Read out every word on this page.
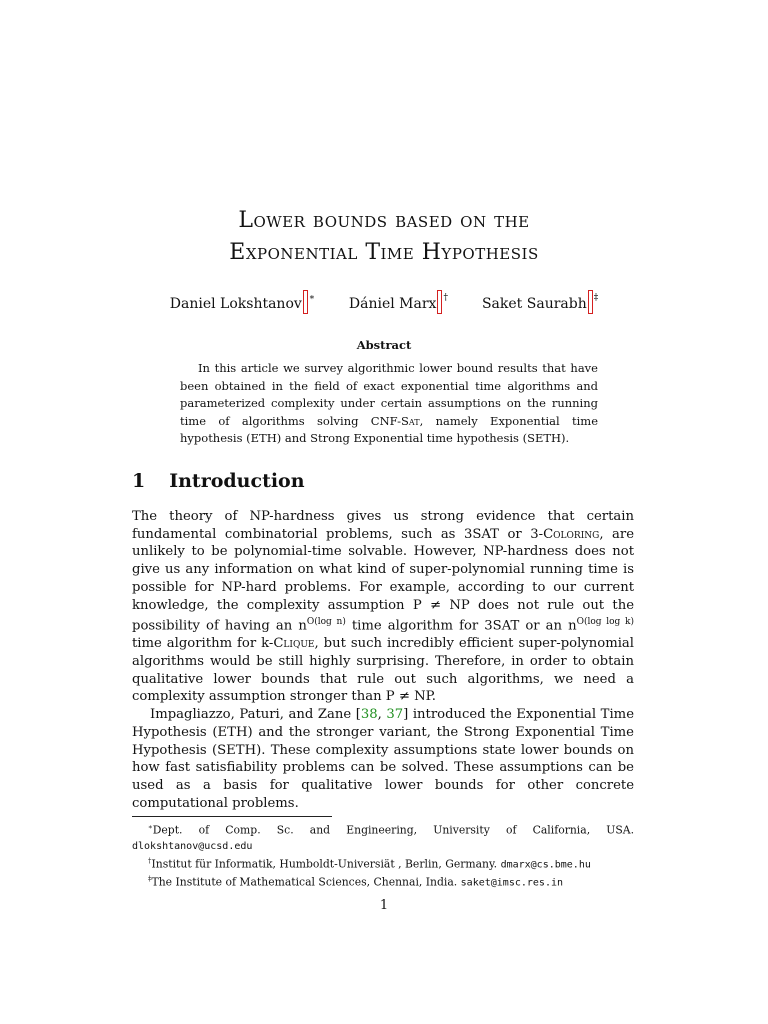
Lower bounds based on the
Exponential Time Hypothesis
Daniel Lokshtanov ∗ Dániel Marx † Saket Saurabh ‡
Abstract
In this article we survey algorithmic lower bound results that have been obtained in the field of exact exponential time algorithms and parameterized complexity under certain assumptions on the running time of algorithms solving CNF-Sat, namely Exponential time hypothesis (ETH) and Strong Exponential time hypothesis (SETH).
1 Introduction

The theory of NP-hardness gives us strong evidence that certain fundamental combinatorial problems, such as 3SAT or 3-Coloring, are unlikely to be polynomial-time solvable. However, NP-hardness does not give us any information on what kind of super-polynomial running time is possible for NP-hard problems. For example, according to our current knowledge, the complexity assumption P ≠ NP does not rule out the possibility of having an $n^{O(log n)}$ time algorithm for 3SAT or an $n^{O(log log k)}$ time algorithm for k-Clique, but such incredibly efficient super-polynomial algorithms would be still highly surprising. Therefore, in order to obtain qualitative lower bounds that rule out such algorithms, we need a complexity assumption stronger than P ≠ NP.

Impagliazzo, Paturi, and Zane [38, 37] introduced the Exponential Time Hypothesis (ETH) and the stronger variant, the Strong Exponential Time Hypothesis (SETH). These complexity assumptions state lower bounds on how fast satisfiability problems can be solved. These assumptions can be used as a basis for qualitative lower bounds for other concrete computational problems.

∗Dept. of Comp. Sc. and Engineering, University of California, USA. dlokshtanov@ucsd.edu
†Institut für Informatik, Humboldt-Universiät , Berlin, Germany. dmarx@cs.bme.hu
‡The Institute of Mathematical Sciences, Chennai, India. saket@imsc.res.in
1
